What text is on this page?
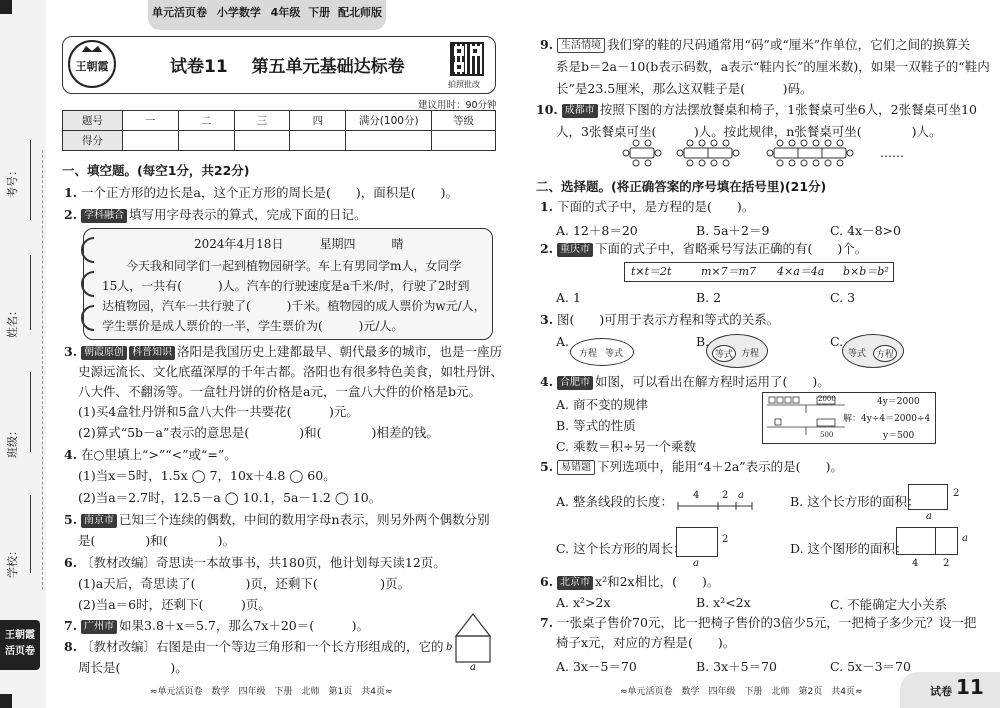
单元活页卷 小学数学 4年级 下册 配北师版
考号：
姓名：
班级：
学校：
王朝霞
活页卷
王朝霞	试卷11 第五单元基础达标卷
拍照批改
建议用时：90分钟
题号	一	二	三	四	满分(100分)	等级
得分						
一、填空题。(每空1分，共22分)
1. 一个正方形的边长是a，这个正方形的周长是(　　)，面积是(　　)。
2. 学科融合 填写用字母表示的算式，完成下面的日记。
2024年4月18日　　　星期四　　　晴
今天我和同学们一起到植物园研学。车上有男同学m人，女同学
15人，一共有(　　　)人。汽车的行驶速度是a千米/时，行驶了2时到
达植物园，汽车一共行驶了(　　　)千米。植物园的成人票价为w元/人，
学生票价是成人票价的一半，学生票价为(　　　)元/人。
3. 朝霞原创 科普知识 洛阳是我国历史上建都最早、朝代最多的城市，也是一座历
史源远流长、文化底蕴深厚的千年古都。洛阳也有很多特色美食，如牡丹饼、
八大件、不翻汤等。一盒牡丹饼的价格是a元，一盒八大件的价格是b元。
(1)买4盒牡丹饼和5盒八大件一共要花(　　　)元。
(2)算式“5b－a”表示的意思是(　　　　)和(　　　　)相差的钱。
4. 在○里填上“>”“<”或“=”。
(1)当x＝5时，1.5x ◯ 7，10x＋4.8 ◯ 60。
(2)当a＝2.7时，12.5－a ◯ 10.1，5a－1.2 ◯ 10。
5. 南京市 已知三个连续的偶数，中间的数用字母n表示，则另外两个偶数分别
是(　　　　)和(　　　　)。
6. 〔教材改编〕奇思读一本故事书，共180页，他计划每天读12页。
(1)a天后，奇思读了(　　　　)页，还剩下(　　　　　)页。
(2)当a＝6时，还剩下(　　　)页。
7. 广州市 如果3.8＋x＝5.7，那么7x＋20＝(　　　)。
8. 〔教材改编〕右图是由一个等边三角形和一个长方形组成的，它的
周长是(　　　　)。
b
a
≈单元活页卷　数学　四年级　下册　北师　第1页　共4页≈
9. 生活情境 我们穿的鞋的尺码通常用“码”或“厘米”作单位，它们之间的换算关
系是b＝2a－10(b表示码数，a表示“鞋内长”的厘米数)，如果一双鞋子的“鞋内
长”是23.5厘米，那么这双鞋子是(　　　)码。
10. 成都市 按照下图的方法摆放餐桌和椅子，1张餐桌可坐6人，2张餐桌可坐10
人，3张餐桌可坐(　　　)人。按此规律，n张餐桌可坐(　　　　)人。
……
二、选择题。(将正确答案的序号填在括号里)(21分)
1. 下面的式子中，是方程的是(　　)。
A. 12＋8＝20	B. 5a＋2＝9	C. 4x－8>0
2. 重庆市 下面的式子中，省略乘号写法正确的有(　　)个。
t×t＝2t	m×7＝m7 4×a＝4a b×b＝b²
A. 1	B. 2	C. 3
3. 图(　　)可用于表示方程和等式的关系。
A.
方程 等式
B.
等式 方程
C.
等式	方程
4. 合肥市 如图，可以看出在解方程时运用了(　　)。
A. 商不变的规律
B. 等式的性质
C. 乘数＝积÷另一个乘数
2000
500
4y＝2000
解：4y÷4＝2000÷4
y＝500
5. 易错题 下列选项中，能用“4＋2a”表示的是(　　)。
A. 整条线段的长度： 4 2 a	B. 这个长方形的面积：
2
a
C. 这个长方形的周长：
2
a
D. 这个图形的面积：
4 2
a
6. 北京市 x²和2x相比，(　　)。
A. x²>2x	B. x²<2x	C. 不能确定大小关系
7. 一张桌子售价70元，比一把椅子售价的3倍少5元，一把椅子多少元？设一把
椅子x元，对应的方程是(　　)。
A. 3x－5＝70	B. 3x＋5＝70	C. 5x－3＝70
≈单元活页卷　数学　四年级　下册　北师　第2页　共4页≈	试卷 11
